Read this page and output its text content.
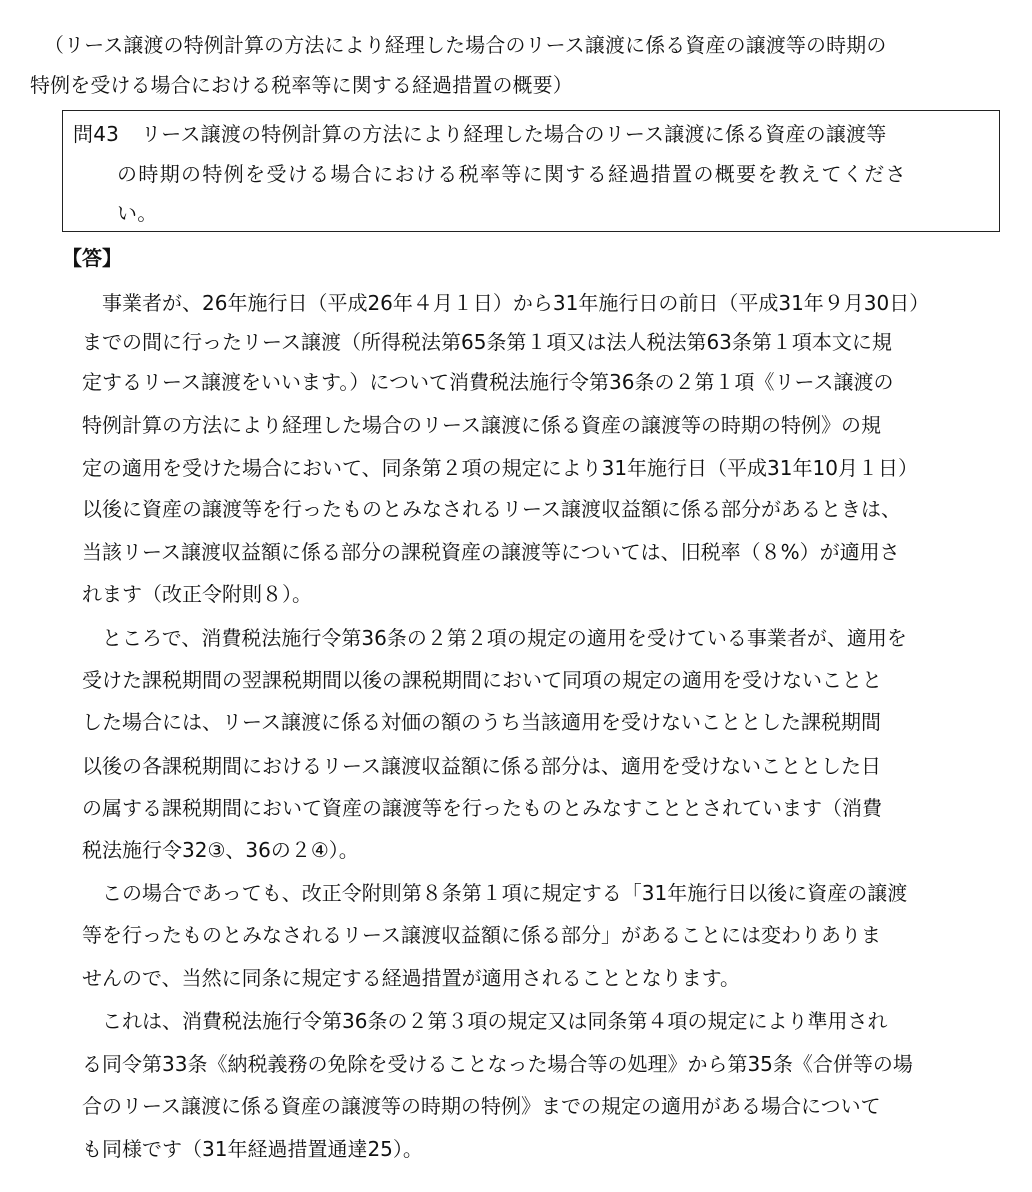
（リース譲渡の特例計算の方法により経理した場合のリース譲渡に係る資産の譲渡等の時期の
特例を受ける場合における税率等に関する経過措置の概要）
問43 リース譲渡の特例計算の方法により経理した場合のリース譲渡に係る資産の譲渡等
の時期の特例を受ける場合における税率等に関する経過措置の概要を教えてくださ
い。
【答】
事業者が、26年施行日（平成26年４月１日）から31年施行日の前日（平成31年９月30日）
までの間に行ったリース譲渡（所得税法第65条第１項又は法人税法第63条第１項本文に規
定するリース譲渡をいいます。）について消費税法施行令第36条の２第１項《リース譲渡の
特例計算の方法により経理した場合のリース譲渡に係る資産の譲渡等の時期の特例》の規
定の適用を受けた場合において、同条第２項の規定により31年施行日（平成31年10月１日）
以後に資産の譲渡等を行ったものとみなされるリース譲渡収益額に係る部分があるときは、
当該リース譲渡収益額に係る部分の課税資産の譲渡等については、旧税率（８%）が適用さ
れます（改正令附則８）。
ところで、消費税法施行令第36条の２第２項の規定の適用を受けている事業者が、適用を
受けた課税期間の翌課税期間以後の課税期間において同項の規定の適用を受けないことと
した場合には、リース譲渡に係る対価の額のうち当該適用を受けないこととした課税期間
以後の各課税期間におけるリース譲渡収益額に係る部分は、適用を受けないこととした日
の属する課税期間において資産の譲渡等を行ったものとみなすこととされています（消費
税法施行令32③、36の２④）。
この場合であっても、改正令附則第８条第１項に規定する「31年施行日以後に資産の譲渡
等を行ったものとみなされるリース譲渡収益額に係る部分」があることには変わりありま
せんので、当然に同条に規定する経過措置が適用されることとなります。
これは、消費税法施行令第36条の２第３項の規定又は同条第４項の規定により準用され
る同令第33条《納税義務の免除を受けることなった場合等の処理》から第35条《合併等の場
合のリース譲渡に係る資産の譲渡等の時期の特例》までの規定の適用がある場合について
も同様です（31年経過措置通達25）。
